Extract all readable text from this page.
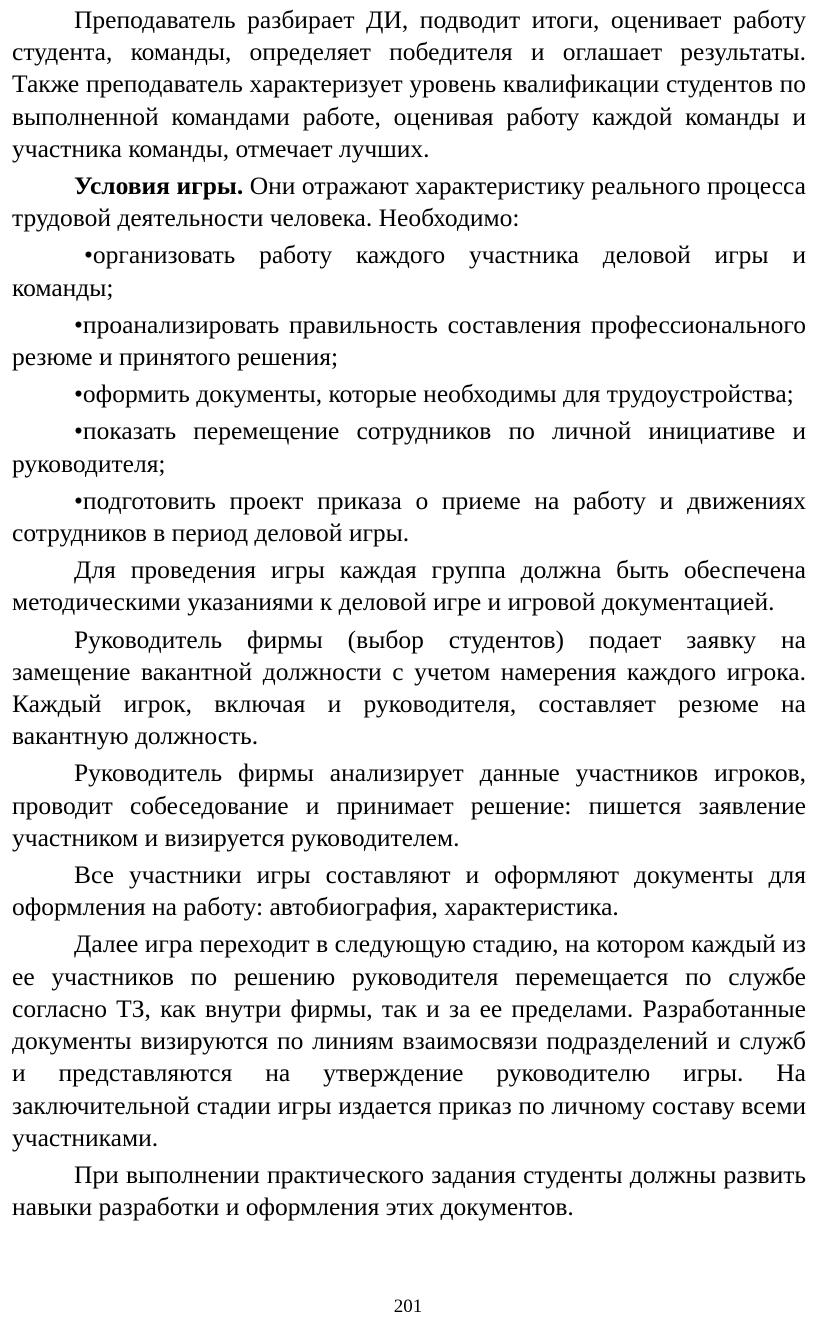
Преподаватель разбирает ДИ, подводит итоги, оценивает работу студента, команды, определяет победителя и оглашает результаты. Также преподаватель характеризует уровень квалификации студентов по выполненной командами работе, оценивая работу каждой команды и участника команды, отмечает лучших.

Условия игры. Они отражают характеристику реального процесса трудовой деятельности человека. Необходимо:

•организовать работу каждого участника деловой игры и команды;

•проанализировать правильность составления профессионального резюме и принятого решения;

•оформить документы, которые необходимы для трудоустройства;

•показать перемещение сотрудников по личной инициативе и руководителя;

•подготовить проект приказа о приеме на работу и движениях сотрудников в период деловой игры.

Для проведения игры каждая группа должна быть обеспечена методическими указаниями к деловой игре и игровой документацией.

Руководитель фирмы (выбор студентов) подает заявку на замещение вакантной должности с учетом намерения каждого игрока. Каждый игрок, включая и руководителя, составляет резюме на вакантную должность.

Руководитель фирмы анализирует данные участников игроков, проводит собеседование и принимает решение: пишется заявление участником и визируется руководителем.

Все участники игры составляют и оформляют документы для оформления на работу: автобиография, характеристика.

Далее игра переходит в следующую стадию, на котором каждый из ее участников по решению руководителя перемещается по службе согласно ТЗ, как внутри фирмы, так и за ее пределами. Разработанные документы визируются по линиям взаимосвязи подразделений и служб и представляются на утверждение руководителю игры. На заключительной стадии игры издается приказ по личному составу всеми участниками.

При выполнении практического задания студенты должны развить навыки разработки и оформления этих документов.

201
